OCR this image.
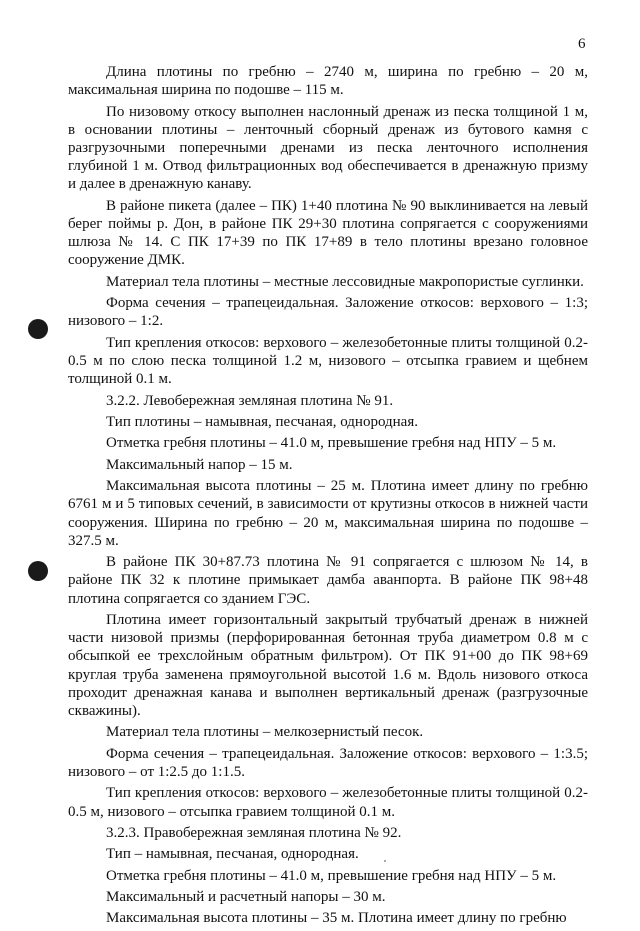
6

Длина плотины по гребню – 2740 м, ширина по гребню – 20 м, максимальная ширина по подошве – 115 м.

По низовому откосу выполнен наслонный дренаж из песка толщиной 1 м, в основании плотины – ленточный сборный дренаж из бутового камня с разгрузочными поперечными дренами из песка ленточного исполнения глубиной 1 м. Отвод фильтрационных вод обеспечивается в дренажную призму и далее в дренажную канаву.

В районе пикета (далее – ПК) 1+40 плотина № 90 выклинивается на левый берег поймы р. Дон, в районе ПК 29+30 плотина сопрягается с сооружениями шлюза № 14. С ПК 17+39 по ПК 17+89 в тело плотины врезано головное сооружение ДМК.

Материал тела плотины – местные лессовидные макропористые суглинки.

Форма сечения – трапецеидальная. Заложение откосов: верхового – 1:3; низового – 1:2.

Тип крепления откосов: верхового – железобетонные плиты толщиной 0.2-0.5 м по слою песка толщиной 1.2 м, низового – отсыпка гравием и щебнем толщиной 0.1 м.

3.2.2. Левобережная земляная плотина № 91.

Тип плотины – намывная, песчаная, однородная.

Отметка гребня плотины – 41.0 м, превышение гребня над НПУ – 5 м.

Максимальный напор – 15 м.

Максимальная высота плотины – 25 м. Плотина имеет длину по гребню 6761 м и 5 типовых сечений, в зависимости от крутизны откосов в нижней части сооружения. Ширина по гребню – 20 м, максимальная ширина по подошве – 327.5 м.

В районе ПК 30+87.73 плотина № 91 сопрягается с шлюзом № 14, в районе ПК 32 к плотине примыкает дамба аванпорта. В районе ПК 98+48 плотина сопрягается со зданием ГЭС.

Плотина имеет горизонтальный закрытый трубчатый дренаж в нижней части низовой призмы (перфорированная бетонная труба диаметром 0.8 м с обсыпкой ее трехслойным обратным фильтром). От ПК 91+00 до ПК 98+69 круглая труба заменена прямоугольной высотой 1.6 м. Вдоль низового откоса проходит дренажная канава и выполнен вертикальный дренаж (разгрузочные скважины).

Материал тела плотины – мелкозернистый песок.

Форма сечения – трапецеидальная. Заложение откосов: верхового – 1:3.5; низового – от 1:2.5 до 1:1.5.

Тип крепления откосов: верхового – железобетонные плиты толщиной 0.2-0.5 м, низового – отсыпка гравием толщиной 0.1 м.

3.2.3. Правобережная земляная плотина № 92.

Тип – намывная, песчаная, однородная.

Отметка гребня плотины – 41.0 м, превышение гребня над НПУ – 5 м.

Максимальный и расчетный напоры – 30 м.

Максимальная высота плотины – 35 м. Плотина имеет длину по гребню
